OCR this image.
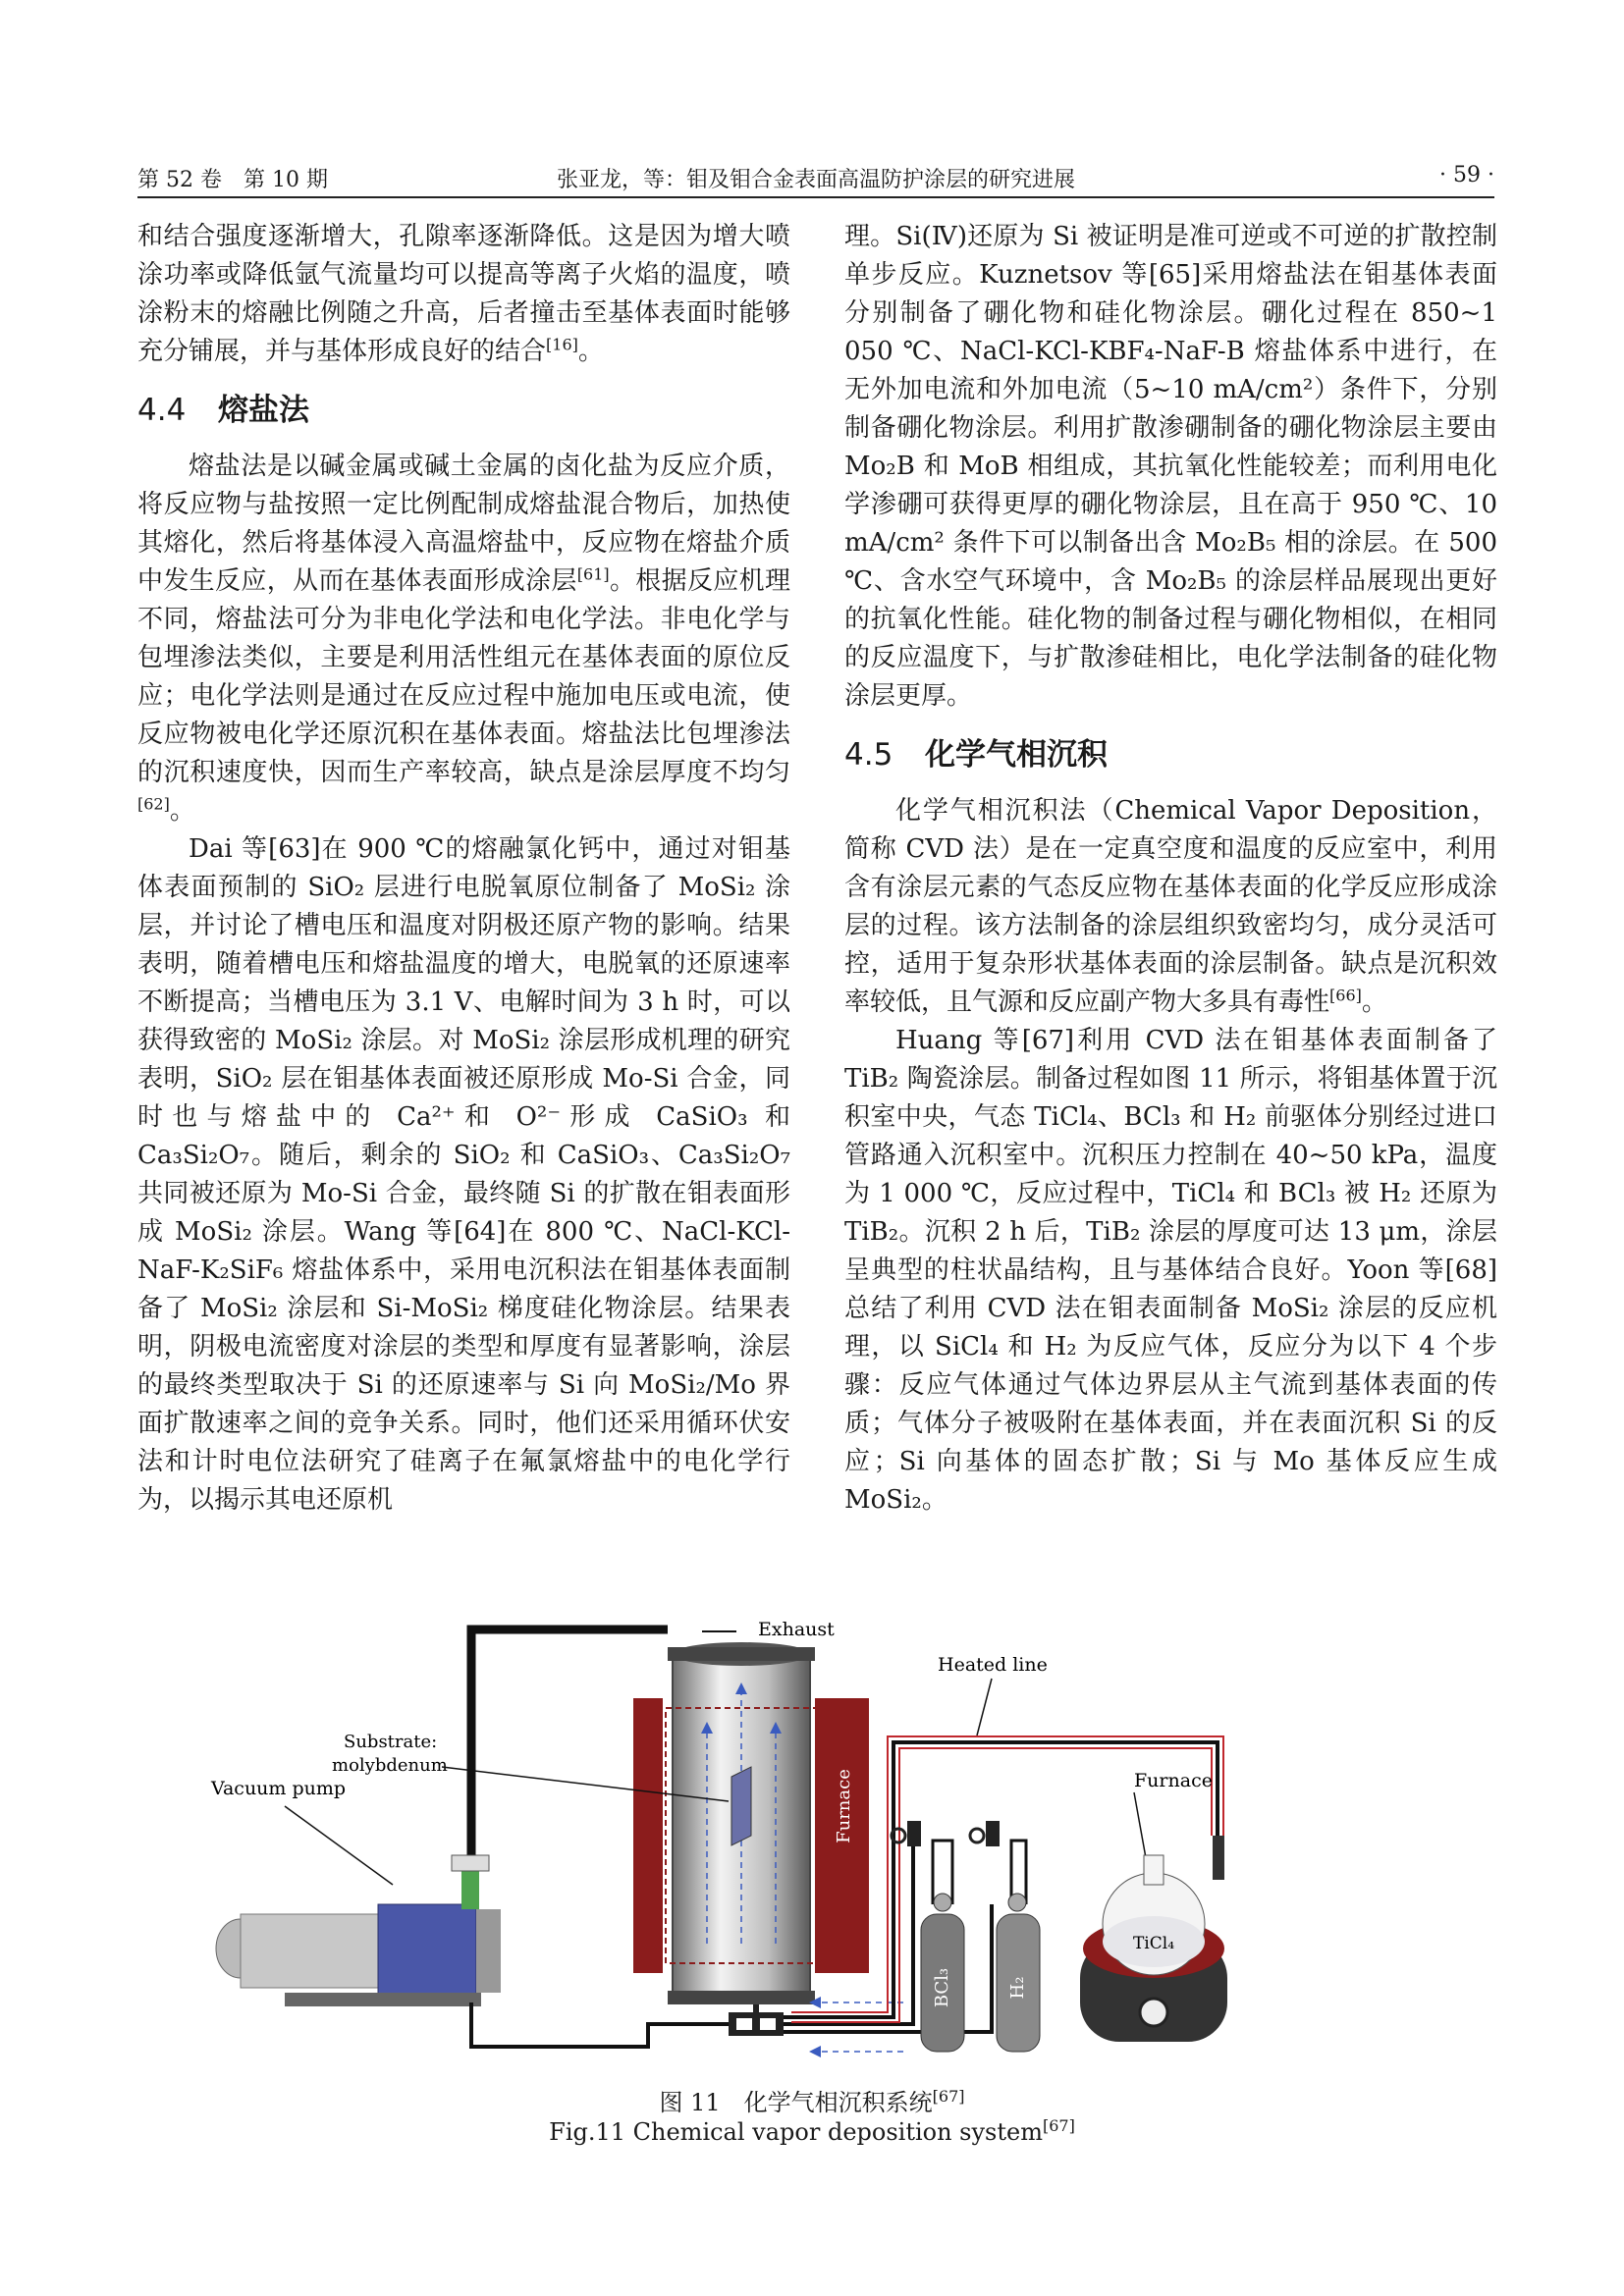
第 52 卷　第 10 期	张亚龙，等：钼及钼合金表面高温防护涂层的研究进展	· 59 ·

和结合强度逐渐增大，孔隙率逐渐降低。这是因为增大喷涂功率或降低氩气流量均可以提高等离子火焰的温度，喷涂粉末的熔融比例随之升高，后者撞击至基体表面时能够充分铺展，并与基体形成良好的结合[16]。

4.4 熔盐法

熔盐法是以碱金属或碱土金属的卤化盐为反应介质，将反应物与盐按照一定比例配制成熔盐混合物后，加热使其熔化，然后将基体浸入高温熔盐中，反应物在熔盐介质中发生反应，从而在基体表面形成涂层[61]。根据反应机理不同，熔盐法可分为非电化学法和电化学法。非电化学与包埋渗法类似，主要是利用活性组元在基体表面的原位反应；电化学法则是通过在反应过程中施加电压或电流，使反应物被电化学还原沉积在基体表面。熔盐法比包埋渗法的沉积速度快，因而生产率较高，缺点是涂层厚度不均匀[62]。

Dai 等[63]在 900 ℃的熔融氯化钙中，通过对钼基体表面预制的 SiO₂ 层进行电脱氧原位制备了 MoSi₂ 涂层，并讨论了槽电压和温度对阴极还原产物的影响。结果表明，随着槽电压和熔盐温度的增大，电脱氧的还原速率不断提高；当槽电压为 3.1 V、电解时间为 3 h 时，可以获得致密的 MoSi₂ 涂层。对 MoSi₂ 涂层形成机理的研究表明，SiO₂ 层在钼基体表面被还原形成 Mo-Si 合金，同时也与熔盐中的 Ca²⁺和 O²⁻形成 CaSiO₃ 和 Ca₃Si₂O₇。随后，剩余的 SiO₂ 和 CaSiO₃、Ca₃Si₂O₇ 共同被还原为 Mo-Si 合金，最终随 Si 的扩散在钼表面形成 MoSi₂ 涂层。Wang 等[64]在 800 ℃、NaCl-KCl-NaF-K₂SiF₆ 熔盐体系中，采用电沉积法在钼基体表面制备了 MoSi₂ 涂层和 Si-MoSi₂ 梯度硅化物涂层。结果表明，阴极电流密度对涂层的类型和厚度有显著影响，涂层的最终类型取决于 Si 的还原速率与 Si 向 MoSi₂/Mo 界面扩散速率之间的竞争关系。同时，他们还采用循环伏安法和计时电位法研究了硅离子在氟氯熔盐中的电化学行为，以揭示其电还原机

理。Si(Ⅳ)还原为 Si 被证明是准可逆或不可逆的扩散控制单步反应。Kuznetsov 等[65]采用熔盐法在钼基体表面分别制备了硼化物和硅化物涂层。硼化过程在 850~1 050 ℃、NaCl-KCl-KBF₄-NaF-B 熔盐体系中进行，在无外加电流和外加电流（5~10 mA/cm²）条件下，分别制备硼化物涂层。利用扩散渗硼制备的硼化物涂层主要由 Mo₂B 和 MoB 相组成，其抗氧化性能较差；而利用电化学渗硼可获得更厚的硼化物涂层，且在高于 950 ℃、10 mA/cm² 条件下可以制备出含 Mo₂B₅ 相的涂层。在 500 ℃、含水空气环境中，含 Mo₂B₅ 的涂层样品展现出更好的抗氧化性能。硅化物的制备过程与硼化物相似，在相同的反应温度下，与扩散渗硅相比，电化学法制备的硅化物涂层更厚。

4.5 化学气相沉积

化学气相沉积法（Chemical Vapor Deposition，简称 CVD 法）是在一定真空度和温度的反应室中，利用含有涂层元素的气态反应物在基体表面的化学反应形成涂层的过程。该方法制备的涂层组织致密均匀，成分灵活可控，适用于复杂形状基体表面的涂层制备。缺点是沉积效率较低，且气源和反应副产物大多具有毒性[66]。

Huang 等[67]利用 CVD 法在钼基体表面制备了 TiB₂ 陶瓷涂层。制备过程如图 11 所示，将钼基体置于沉积室中央，气态 TiCl₄、BCl₃ 和 H₂ 前驱体分别经过进口管路通入沉积室中。沉积压力控制在 40~50 kPa，温度为 1 000 ℃，反应过程中，TiCl₄ 和 BCl₃ 被 H₂ 还原为 TiB₂。沉积 2 h 后，TiB₂ 涂层的厚度可达 13 μm，涂层呈典型的柱状晶结构，且与基体结合良好。Yoon 等[68]总结了利用 CVD 法在钼表面制备 MoSi₂ 涂层的反应机理，以 SiCl₄ 和 H₂ 为反应气体，反应分为以下 4 个步骤：反应气体通过气体边界层从主气流到基体表面的传质；气体分子被吸附在基体表面，并在表面沉积 Si 的反应；Si 向基体的固态扩散；Si 与 Mo 基体反应生成 MoSi₂。

Exhaust
Furnace
Substrate:
molybdenum
Vacuum pump
Heated line
BCl₃	H₂
Furnace
TiCl₄
图 11　化学气相沉积系统[67]
Fig.11 Chemical vapor deposition system[67]
